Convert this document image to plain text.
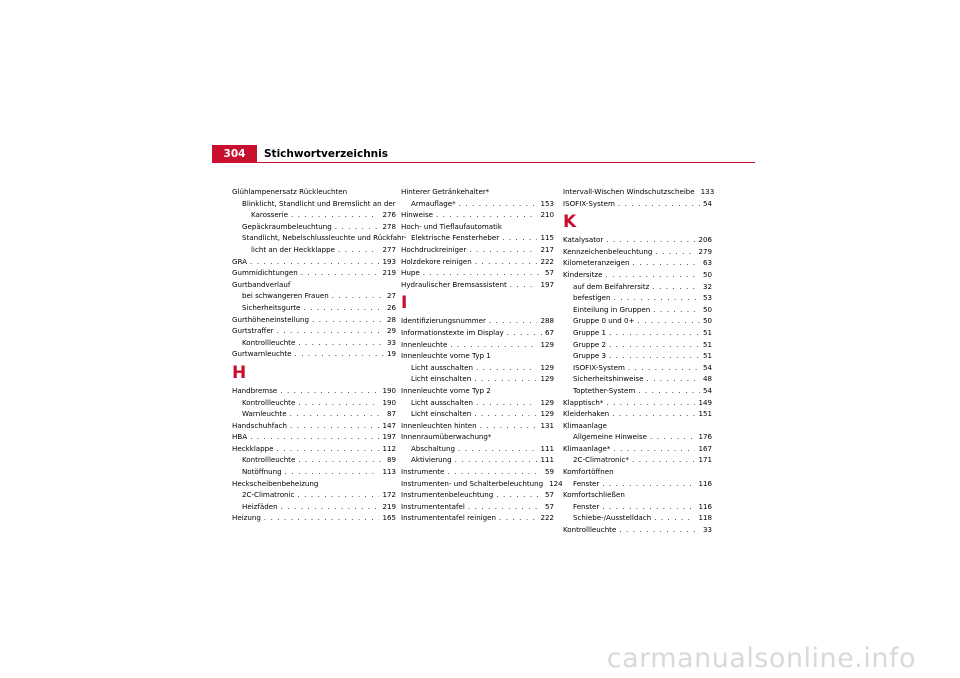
304 Stichwortverzeichnis
Glühlampenersatz Rückleuchten
Blinklicht, Standlicht und Bremslicht an der
Karosserie . . .	276
Gepäckraumbeleuchtung . . .	278
Standlicht, Nebelschlussleuchte und Rückfahr-
licht an der Heckklappe . . .	277
GRA . . .	193
Gummidichtungen . . .	219
Gurtbandverlauf
bei schwangeren Frauen . . .	27
Sicherheitsgurte . . .	26
Gurthöheneinstellung . . .	28
Gurtstraffer . . .	29
Kontrollleuchte . . .	33
Gurtwarnleuchte . . .	19
H
Handbremse . . .	190
Kontrollleuchte . . .	190
Warnleuchte . . .	87
Handschuhfach . . .	147
HBA . . .	197
Heckklappe . . .	112
Kontrollleuchte . . .	89
Notöffnung . . .	113
Heckscheibenbeheizung
2C-Climatronic . . .	172
Heizfäden . . .	219
Heizung . . .	165
Hinterer Getränkehalter*
Armauflage* . . .	153
Hinweise . . .	210
Hoch- und Tieflaufautomatik
Elektrische Fensterheber . . .	115
Hochdruckreiniger . . .	217
Holzdekore reinigen . . .	222
Hupe . . .	57
Hydraulischer Bremsassistent . . .	197
I
Identifizierungsnummer . . .	288
Informationstexte im Display . . .	67
Innenleuchte . . .	129
Innenleuchte vorne Typ 1
Licht ausschalten . . .	129
Licht einschalten . . .	129
Innenleuchte vorne Typ 2
Licht ausschalten . . .	129
Licht einschalten . . .	129
Innenleuchten hinten . . .	131
Innenraumüberwachung*
Abschaltung . . .	111
Aktivierung . . .	111
Instrumente . . .	59
Instrumenten- und Schalterbeleuchtung 124
Instrumentenbeleuchtung . . .	57
Instrumententafel . . .	57
Instrumententafel reinigen . . .	222
Intervall-Wischen Windschutzscheibe 133
ISOFIX-System . . .	54
K
Katalysator . . .	206
Kennzeichenbeleuchtung . . .	279
Kilometeranzeigen . . .	63
Kindersitze . . .	50
auf dem Beifahrersitz . . .	32
befestigen . . .	53
Einteilung in Gruppen . . .	50
Gruppe 0 und 0+ . . .	50
Gruppe 1 . . .	51
Gruppe 2 . . .	51
Gruppe 3 . . .	51
ISOFIX-System . . .	54
Sicherheitshinweise . . .	48
Toptether-System . . .	54
Klapptisch* . . .	149
Kleiderhaken . . .	151
Klimaanlage
Allgemeine Hinweise . . .	176
Klimaanlage* . . .	167
2C-Climatronic* . . .	171
Komfortöffnen
Fenster . . .	116
Komfortschließen
Fenster . . .	116
Schiebe-/Ausstelldach . . .	118
Kontrollleuchte . . .	33
carmanualsonline.info
